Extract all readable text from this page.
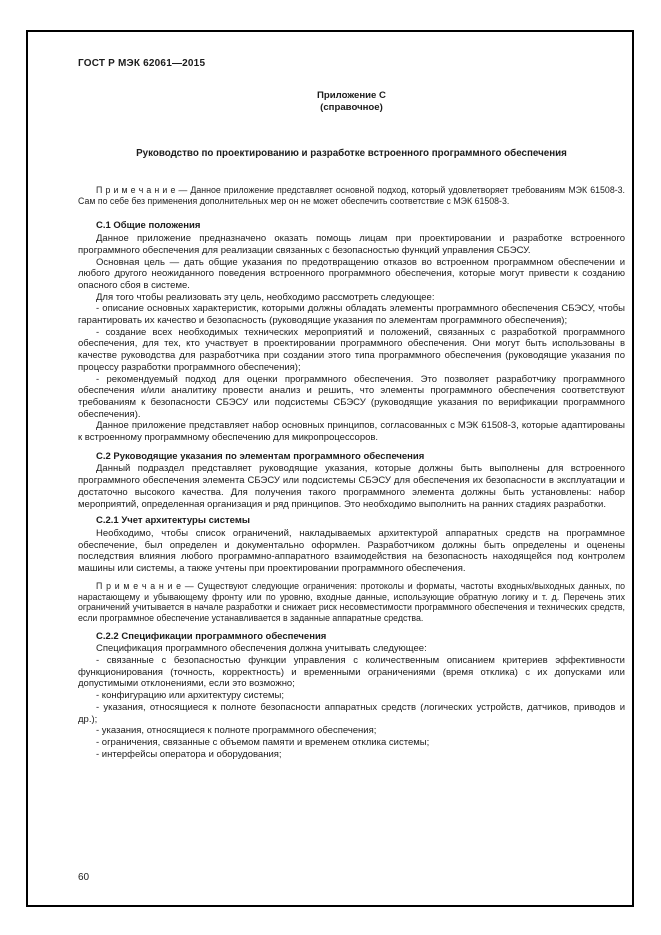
ГОСТ Р МЭК 62061—2015
Приложение С
(справочное)
Руководство по проектированию и разработке встроенного программного обеспечения

П р и м е ч а н и е — Данное приложение представляет основной подход, который удовлетворяет требованиям МЭК 61508-3. Сам по себе без применения дополнительных мер он не может обеспечить соответствие с МЭК 61508-3.

С.1 Общие положения

Данное приложение предназначено оказать помощь лицам при проектировании и разработке встроенного программного обеспечения для реализации связанных с безопасностью функций управления СБЭСУ.

Основная цель — дать общие указания по предотвращению отказов во встроенном программном обеспечении и любого другого неожиданного поведения встроенного программного обеспечения, которые могут привести к созданию опасного сбоя в системе.

Для того чтобы реализовать эту цель, необходимо рассмотреть следующее:

- описание основных характеристик, которыми должны обладать элементы программного обеспечения СБЭСУ, чтобы гарантировать их качество и безопасность (руководящие указания по элементам программного обеспечения);

- создание всех необходимых технических мероприятий и положений, связанных с разработкой программного обеспечения, для тех, кто участвует в проектировании программного обеспечения. Они могут быть использованы в качестве руководства для разработчика при создании этого типа программного обеспечения (руководящие указания по процессу разработки программного обеспечения);

- рекомендуемый подход для оценки программного обеспечения. Это позволяет разработчику программного обеспечения и/или аналитику провести анализ и решить, что элементы программного обеспечения соответствуют требованиям к безопасности СБЭСУ или подсистемы СБЭСУ (руководящие указания по верификации программного обеспечения).

Данное приложение представляет набор основных принципов, согласованных с МЭК 61508-3, которые адаптированы к встроенному программному обеспечению для микропроцессоров.

С.2 Руководящие указания по элементам программного обеспечения

Данный подраздел представляет руководящие указания, которые должны быть выполнены для встроенного программного обеспечения элемента СБЭСУ или подсистемы СБЭСУ для обеспечения их безопасности в эксплуатации и достаточно высокого качества. Для получения такого программного элемента должны быть установлены: набор мероприятий, определенная организация и ряд принципов. Это необходимо выполнить на ранних стадиях разработки.

С.2.1 Учет архитектуры системы

Необходимо, чтобы список ограничений, накладываемых архитектурой аппаратных средств на программное обеспечение, был определен и документально оформлен. Разработчиком должны быть определены и оценены последствия влияния любого программно-аппаратного взаимодействия на безопасность находящейся под контролем машины или системы, а также учтены при проектировании программного обеспечения.

П р и м е ч а н и е — Существуют следующие ограничения: протоколы и форматы, частоты входных/выходных данных, по нарастающему и убывающему фронту или по уровню, входные данные, использующие обратную логику и т. д. Перечень этих ограничений учитывается в начале разработки и снижает риск несовместимости программного обеспечения и технических средств, если программное обеспечение устанавливается в заданные аппаратные средства.

С.2.2 Спецификации программного обеспечения

Спецификация программного обеспечения должна учитывать следующее:

- связанные с безопасностью функции управления с количественным описанием критериев эффективности функционирования (точность, корректность) и временными ограничениями (время отклика) с их допусками или допустимыми отклонениями, если это возможно;

- конфигурацию или архитектуру системы;

- указания, относящиеся к полноте безопасности аппаратных средств (логических устройств, датчиков, приводов и др.);

- указания, относящиеся к полноте программного обеспечения;

- ограничения, связанные с объемом памяти и временем отклика системы;

- интерфейсы оператора и оборудования;

60
